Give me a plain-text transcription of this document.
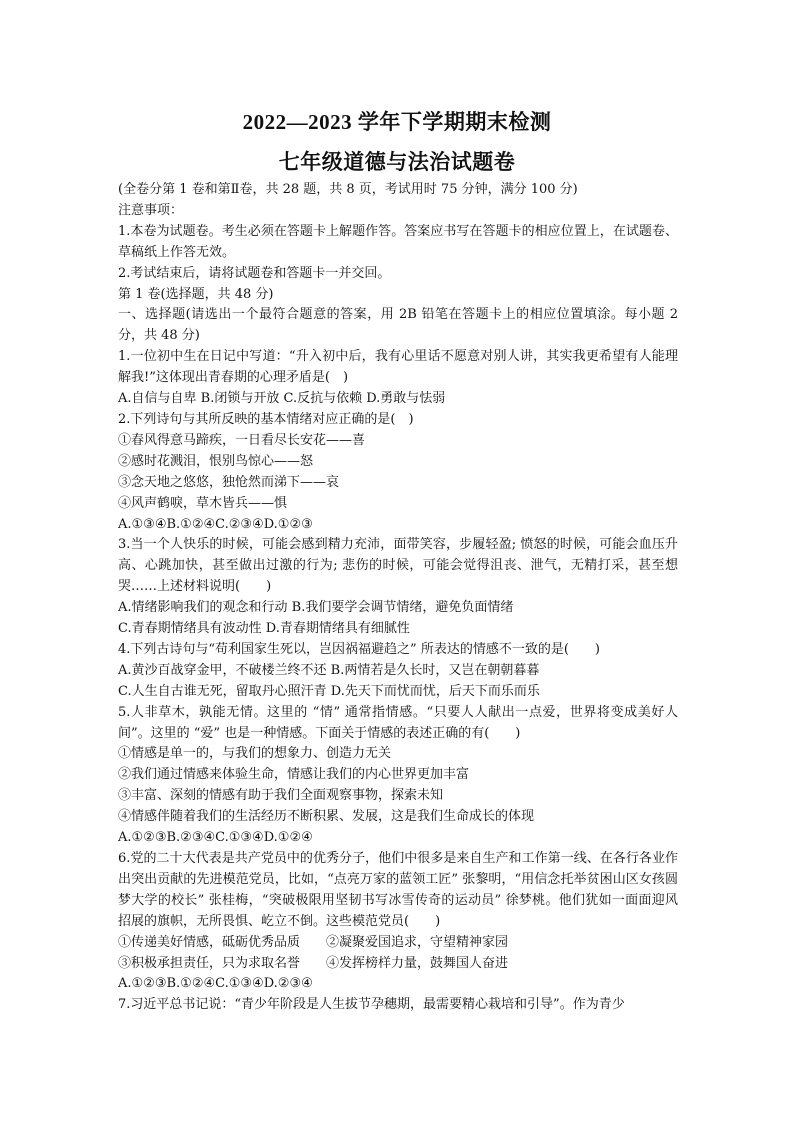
2022—2023 学年下学期期末检测
七年级道德与法治试题卷

(全卷分第 1 卷和第Ⅱ卷，共 28 题，共 8 页，考试用时 75 分钟，满分 100 分)

注意事项：

1.本卷为试题卷。考生必须在答题卡上解题作答。答案应书写在答题卡的相应位置上，在试题卷、草稿纸上作答无效。

2.考试结束后，请将试题卷和答题卡一并交回。

第 1 卷(选择题，共 48 分)

一、选择题(请选出一个最符合题意的答案，用 2B 铅笔在答题卡上的相应位置填涂。每小题 2 分，共 48 分)

1.一位初中生在日记中写道：“升入初中后，我有心里话不愿意对别人讲，其实我更希望有人能理解我!”这体现出青春期的心理矛盾是(　)

A.自信与自卑 B.闭锁与开放 C.反抗与依赖 D.勇敢与怯弱

2.下列诗句与其所反映的基本情绪对应正确的是(　)

①春风得意马蹄疾，一日看尽长安花——喜

②感时花溅泪，恨别鸟惊心——怒

③念天地之悠悠，独怆然而涕下——哀

④风声鹤唳，草木皆兵——惧

A.①③④B.①②④C.②③④D.①②③

3.当一个人快乐的时候，可能会感到精力充沛，面带笑容，步履轻盈; 愤怒的时候，可能会血压升高、心跳加快，甚至做出过激的行为; 悲伤的时候，可能会觉得沮丧、泄气，无精打采，甚至想哭……上述材料说明(　　)

A.情绪影响我们的观念和行动 B.我们要学会调节情绪，避免负面情绪

C.青春期情绪具有波动性 D.青春期情绪具有细腻性

4.下列古诗句与“苟利国家生死以，岂因祸福避趋之” 所表达的情感不一致的是(　　)

A.黄沙百战穿金甲，不破楼兰终不还 B.两情若是久长时，又岂在朝朝暮暮

C.人生自古谁无死，留取丹心照汗青 D.先天下而忧而忧，后天下而乐而乐

5.人非草木，孰能无情。这里的 “情” 通常指情感。“只要人人献出一点爱，世界将变成美好人间”。这里的 “爱” 也是一种情感。下面关于情感的表述正确的有(　　)

①情感是单一的，与我们的想象力、创造力无关

②我们通过情感来体验生命，情感让我们的内心世界更加丰富

③丰富、深刻的情感有助于我们全面观察事物，探索未知

④情感伴随着我们的生活经历不断积累、发展，这是我们生命成长的体现

A.①②③B.②③④C.①③④D.①②④

6.党的二十大代表是共产党员中的优秀分子，他们中很多是来自生产和工作第一线、在各行各业作出突出贡献的先进模范党员，比如，“点亮万家的蓝领工匠” 张黎明，“用信念托举贫困山区女孩圆梦大学的校长” 张桂梅，“突破极限用坚韧书写冰雪传奇的运动员” 徐梦桃。他们犹如一面面迎风招展的旗帜，无所畏惧、屹立不倒。这些模范党员(　　)

①传递美好情感，砥砺优秀品质　　②凝聚爱国追求，守望精神家园

③积极承担责任，只为求取名誉　　④发挥榜样力量，鼓舞国人奋进

A.①②③B.①②④C.①③④D.②③④

7.习近平总书记说：“青少年阶段是人生拔节孕穗期，最需要精心栽培和引导”。作为青少
